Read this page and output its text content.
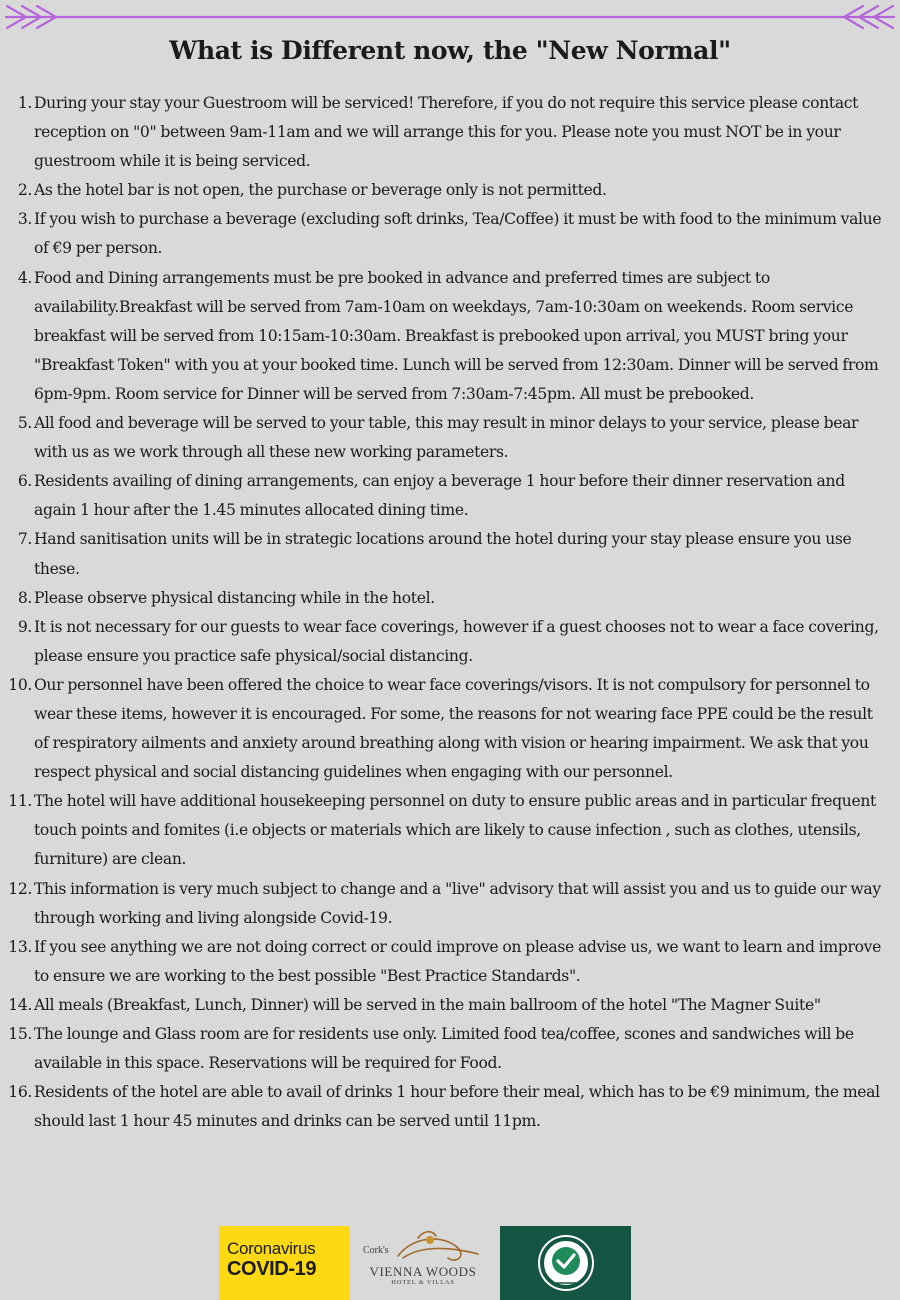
What is Different now, the "New Normal"
1. During your stay your Guestroom will be serviced! Therefore, if you do not require this service please contact reception on "0" between 9am-11am and we will arrange this for you. Please note you must NOT be in your guestroom while it is being serviced.
2. As the hotel bar is not open, the purchase or beverage only is not permitted.
3. If you wish to purchase a beverage (excluding soft drinks, Tea/Coffee) it must be with food to the minimum value of €9 per person.
4. Food and Dining arrangements must be pre booked in advance and preferred times are subject to availability.Breakfast will be served from 7am-10am on weekdays, 7am-10:30am on weekends. Room service breakfast will be served from 10:15am-10:30am. Breakfast is prebooked upon arrival, you MUST bring your "Breakfast Token" with you at your booked time. Lunch will be served from 12:30am. Dinner will be served from 6pm-9pm. Room service for Dinner will be served from 7:30am-7:45pm. All must be prebooked.
5. All food and beverage will be served to your table, this may result in minor delays to your service, please bear with us as we work through all these new working parameters.
6. Residents availing of dining arrangements, can enjoy a beverage 1 hour before their dinner reservation and again 1 hour after the 1.45 minutes allocated dining time.
7. Hand sanitisation units will be in strategic locations around the hotel during your stay please ensure you use these.
8. Please observe physical distancing while in the hotel.
9. It is not necessary for our guests to wear face coverings, however if a guest chooses not to wear a face covering, please ensure you practice safe physical/social distancing.
10. Our personnel have been offered the choice to wear face coverings/visors. It is not compulsory for personnel to wear these items, however it is encouraged. For some, the reasons for not wearing face PPE could be the result of respiratory ailments and anxiety around breathing along with vision or hearing impairment. We ask that you respect physical and social distancing guidelines when engaging with our personnel.
11. The hotel will have additional housekeeping personnel on duty to ensure public areas and in particular frequent touch points and fomites (i.e objects or materials which are likely to cause infection , such as clothes, utensils, furniture) are clean.
12. This information is very much subject to change and a "live" advisory that will assist you and us to guide our way through working and living alongside Covid-19.
13. If you see anything we are not doing correct or could improve on please advise us, we want to learn and improve to ensure we are working to the best possible "Best Practice Standards".
14. All meals (Breakfast, Lunch, Dinner) will be served in the main ballroom of the hotel "The Magner Suite"
15. The lounge and Glass room are for residents use only. Limited food tea/coffee, scones and sandwiches will be available in this space. Reservations will be required for Food.
16. Residents of the hotel are able to avail of drinks 1 hour before their meal, which has to be €9 minimum, the meal should last 1 hour 45 minutes and drinks can be served until 11pm.
Coronavirus
COVID-19
Cork's
VIENNA WOODS
HOTEL & VILLAS
